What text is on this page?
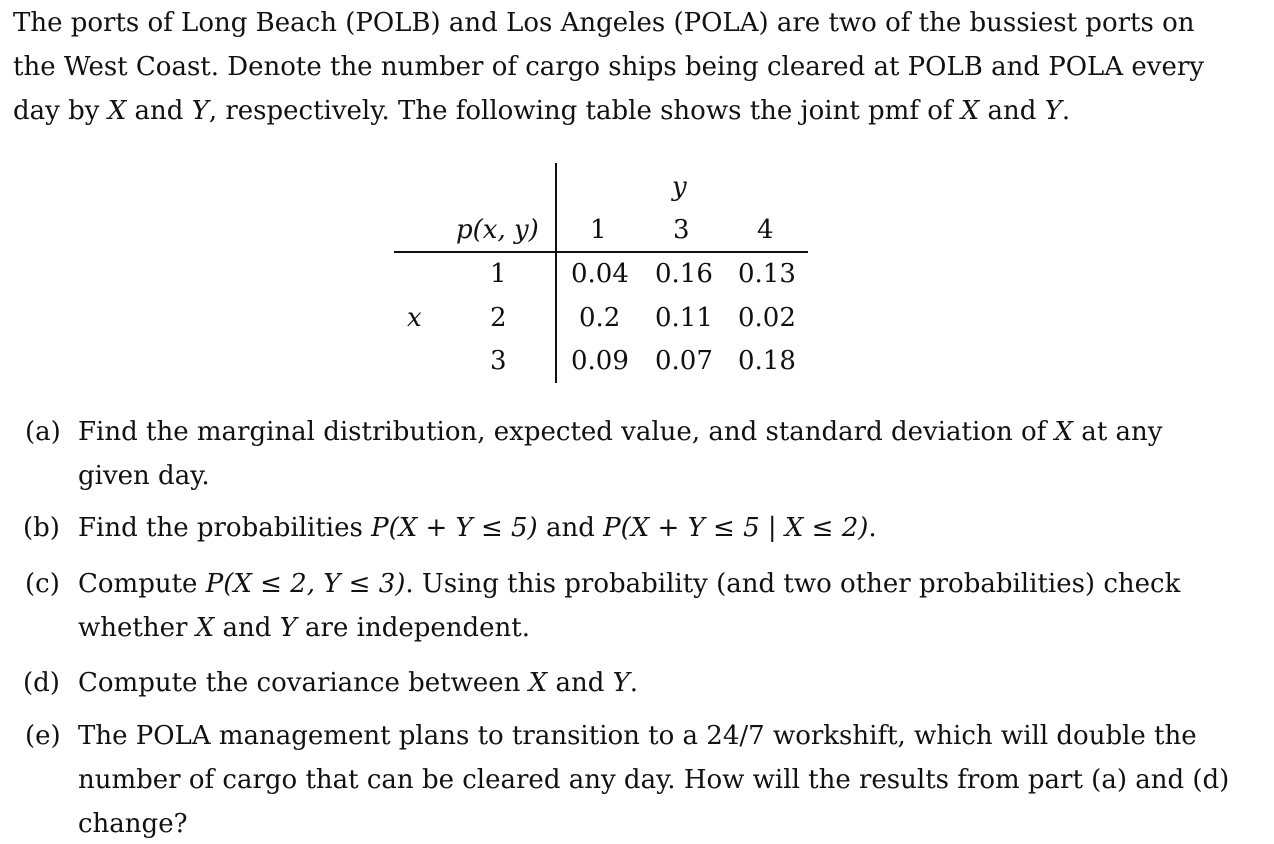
The ports of Long Beach (POLB) and Los Angeles (POLA) are two of the bussiest ports on
the West Coast. Denote the number of cargo ships being cleared at POLB and POLA every
day by X and Y, respectively. The following table shows the joint pmf of X and Y.
y
p(x, y) 1	3	4
x
1 0.04 0.16 0.13
2	0.2 0.11 0.02
3 0.09 0.07 0.18
(a) Find the marginal distribution, expected value, and standard deviation of X at any
given day.
(b) Find the probabilities P(X + Y ≤ 5) and P(X + Y ≤ 5 | X ≤ 2).
(c) Compute P(X ≤ 2, Y ≤ 3). Using this probability (and two other probabilities) check
whether X and Y are independent.
(d) Compute the covariance between X and Y.
(e) The POLA management plans to transition to a 24/7 workshift, which will double the
number of cargo that can be cleared any day. How will the results from part (a) and (d)
change?
